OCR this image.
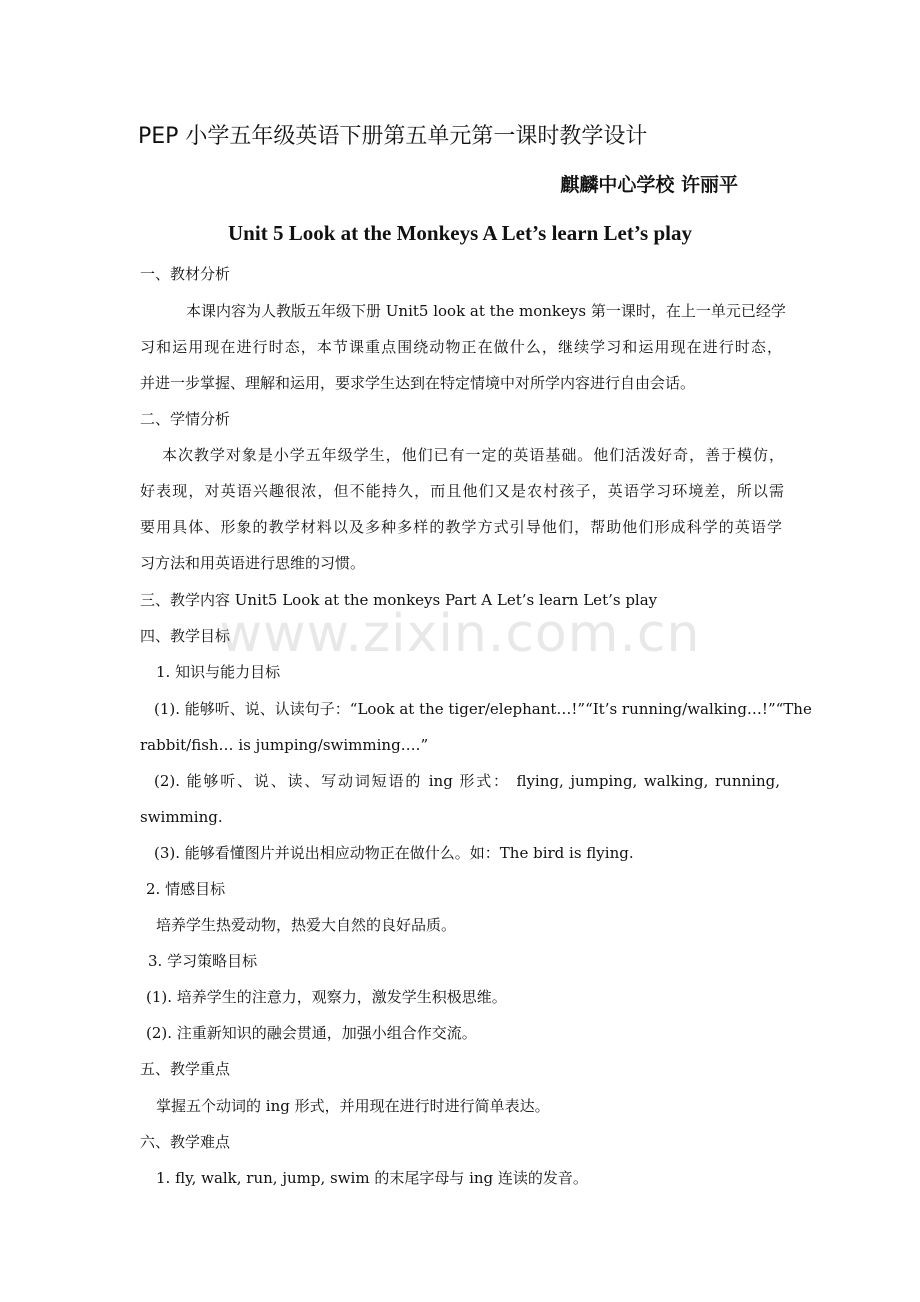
PEP 小学五年级英语下册第五单元第一课时教学设计
麒麟中心学校 许丽平
Unit 5 Look at the Monkeys A Let’s learn Let’s play
一、教材分析
本课内容为人教版五年级下册 Unit5 look at the monkeys 第一课时，在上一单元已经学
习和运用现在进行时态，本节课重点围绕动物正在做什么，继续学习和运用现在进行时态，
并进一步掌握、理解和运用，要求学生达到在特定情境中对所学内容进行自由会话。
二、学情分析
本次教学对象是小学五年级学生，他们已有一定的英语基础。他们活泼好奇，善于模仿，
好表现，对英语兴趣很浓，但不能持久，而且他们又是农村孩子，英语学习环境差，所以需
要用具体、形象的教学材料以及多种多样的教学方式引导他们，帮助他们形成科学的英语学
习方法和用英语进行思维的习惯。
三、教学内容 Unit5 Look at the monkeys Part A Let’s learn Let’s play
四、教学目标
1. 知识与能力目标
(1). 能够听、说、认读句子：“Look at the tiger/elephant…!”“It’s running/walking…!”“The
rabbit/fish… is jumping/swimming….”
(2). 能够听、说、读、写动词短语的 ing 形式： flying, jumping, walking, running,
swimming.
(3). 能够看懂图片并说出相应动物正在做什么。如：The bird is flying.
2. 情感目标
培养学生热爱动物，热爱大自然的良好品质。
3. 学习策略目标
(1). 培养学生的注意力，观察力，激发学生积极思维。
(2). 注重新知识的融会贯通，加强小组合作交流。
五、教学重点
掌握五个动词的 ing 形式，并用现在进行时进行简单表达。
六、教学难点
1. fly, walk, run, jump, swim 的末尾字母与 ing 连读的发音。
www.zixin.com.cn
